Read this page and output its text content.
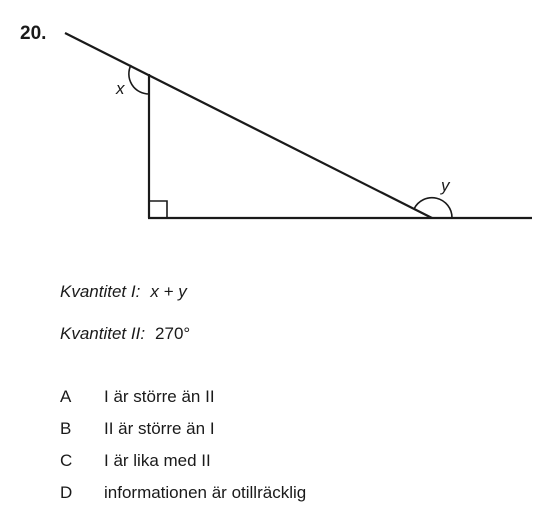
20.
x
y
Kvantitet I: x + y
Kvantitet II: 270°
A I är större än II
B II är större än I
C I är lika med II
D informationen är otillräcklig
